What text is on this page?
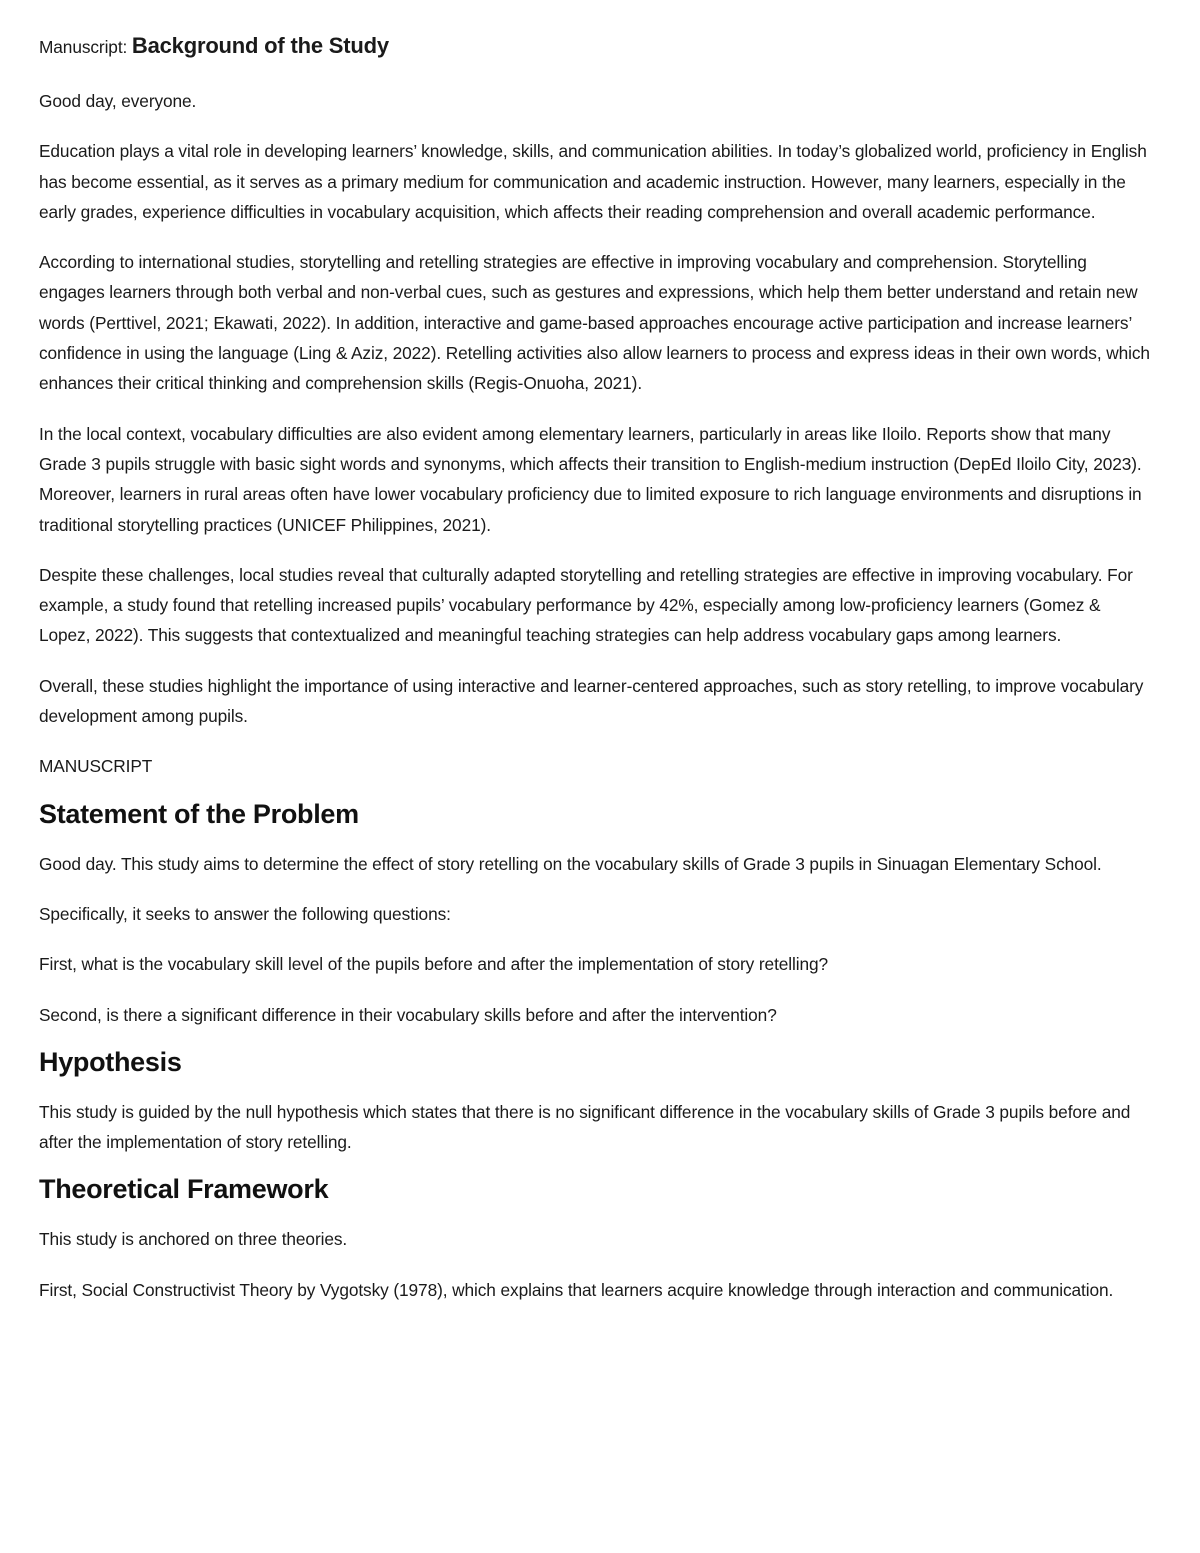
Manuscript: Background of the Study

Good day, everyone.

Education plays a vital role in developing learners’ knowledge, skills, and communication abilities. In today’s globalized world, proficiency in English has become essential, as it serves as a primary medium for communication and academic instruction. However, many learners, especially in the early grades, experience difficulties in vocabulary acquisition, which affects their reading comprehension and overall academic performance.

According to international studies, storytelling and retelling strategies are effective in improving vocabulary and comprehension. Storytelling engages learners through both verbal and non-verbal cues, such as gestures and expressions, which help them better understand and retain new words (Perttivel, 2021; Ekawati, 2022). In addition, interactive and game-based approaches encourage active participation and increase learners’ confidence in using the language (Ling & Aziz, 2022). Retelling activities also allow learners to process and express ideas in their own words, which enhances their critical thinking and comprehension skills (Regis-Onuoha, 2021).

In the local context, vocabulary difficulties are also evident among elementary learners, particularly in areas like Iloilo. Reports show that many Grade 3 pupils struggle with basic sight words and synonyms, which affects their transition to English-medium instruction (DepEd Iloilo City, 2023). Moreover, learners in rural areas often have lower vocabulary proficiency due to limited exposure to rich language environments and disruptions in traditional storytelling practices (UNICEF Philippines, 2021).

Despite these challenges, local studies reveal that culturally adapted storytelling and retelling strategies are effective in improving vocabulary. For example, a study found that retelling increased pupils’ vocabulary performance by 42%, especially among low-proficiency learners (Gomez & Lopez, 2022). This suggests that contextualized and meaningful teaching strategies can help address vocabulary gaps among learners.

Overall, these studies highlight the importance of using interactive and learner-centered approaches, such as story retelling, to improve vocabulary development among pupils.

MANUSCRIPT

Statement of the Problem

Good day. This study aims to determine the effect of story retelling on the vocabulary skills of Grade 3 pupils in Sinuagan Elementary School.

Specifically, it seeks to answer the following questions:

First, what is the vocabulary skill level of the pupils before and after the implementation of story retelling?

Second, is there a significant difference in their vocabulary skills before and after the intervention?

Hypothesis

This study is guided by the null hypothesis which states that there is no significant difference in the vocabulary skills of Grade 3 pupils before and after the implementation of story retelling.

Theoretical Framework

This study is anchored on three theories.

First, Social Constructivist Theory by Vygotsky (1978), which explains that learners acquire knowledge through interaction and communication.
